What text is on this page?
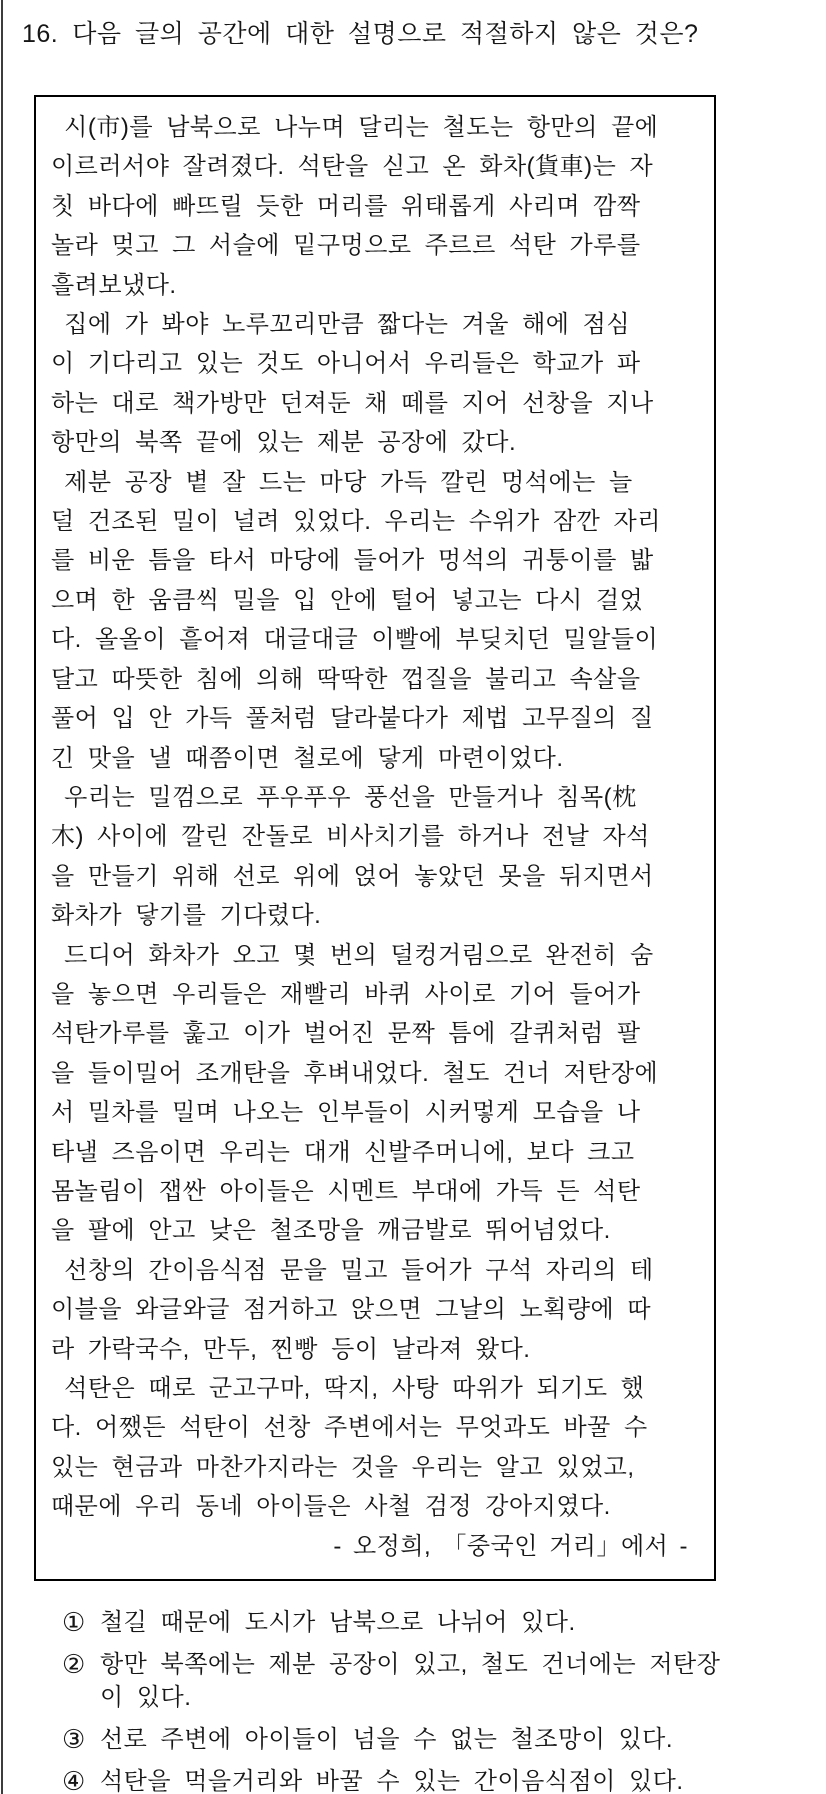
16. 다음 글의 공간에 대한 설명으로 적절하지 않은 것은?
시(市)를 남북으로 나누며 달리는 철도는 항만의 끝에
이르러서야 잘려졌다. 석탄을 싣고 온 화차(貨車)는 자
칫 바다에 빠뜨릴 듯한 머리를 위태롭게 사리며 깜짝
놀라 멎고 그 서슬에 밑구멍으로 주르르 석탄 가루를
흘려보냈다.
집에 가 봐야 노루꼬리만큼 짧다는 겨울 해에 점심
이 기다리고 있는 것도 아니어서 우리들은 학교가 파
하는 대로 책가방만 던져둔 채 떼를 지어 선창을 지나
항만의 북쪽 끝에 있는 제분 공장에 갔다.
제분 공장 볕 잘 드는 마당 가득 깔린 멍석에는 늘
덜 건조된 밀이 널려 있었다. 우리는 수위가 잠깐 자리
를 비운 틈을 타서 마당에 들어가 멍석의 귀퉁이를 밟
으며 한 움큼씩 밀을 입 안에 털어 넣고는 다시 걸었
다. 올올이 흩어져 대글대글 이빨에 부딪치던 밀알들이
달고 따뜻한 침에 의해 딱딱한 껍질을 불리고 속살을
풀어 입 안 가득 풀처럼 달라붙다가 제법 고무질의 질
긴 맛을 낼 때쯤이면 철로에 닿게 마련이었다.
우리는 밀껌으로 푸우푸우 풍선을 만들거나 침목(枕
木) 사이에 깔린 잔돌로 비사치기를 하거나 전날 자석
을 만들기 위해 선로 위에 얹어 놓았던 못을 뒤지면서
화차가 닿기를 기다렸다.
드디어 화차가 오고 몇 번의 덜컹거림으로 완전히 숨
을 놓으면 우리들은 재빨리 바퀴 사이로 기어 들어가
석탄가루를 훑고 이가 벌어진 문짝 틈에 갈퀴처럼 팔
을 들이밀어 조개탄을 후벼내었다. 철도 건너 저탄장에
서 밀차를 밀며 나오는 인부들이 시커멓게 모습을 나
타낼 즈음이면 우리는 대개 신발주머니에, 보다 크고
몸놀림이 잽싼 아이들은 시멘트 부대에 가득 든 석탄
을 팔에 안고 낮은 철조망을 깨금발로 뛰어넘었다.
선창의 간이음식점 문을 밀고 들어가 구석 자리의 테
이블을 와글와글 점거하고 앉으면 그날의 노획량에 따
라 가락국수, 만두, 찐빵 등이 날라져 왔다.
석탄은 때로 군고구마, 딱지, 사탕 따위가 되기도 했
다. 어쨌든 석탄이 선창 주변에서는 무엇과도 바꿀 수
있는 현금과 마찬가지라는 것을 우리는 알고 있었고,
때문에 우리 동네 아이들은 사철 검정 강아지였다.
- 오정희, 「중국인 거리」에서 -
① 철길 때문에 도시가 남북으로 나뉘어 있다.
② 항만 북쪽에는 제분 공장이 있고, 철도 건너에는 저탄장
이 있다.
③ 선로 주변에 아이들이 넘을 수 없는 철조망이 있다.
④ 석탄을 먹을거리와 바꿀 수 있는 간이음식점이 있다.
